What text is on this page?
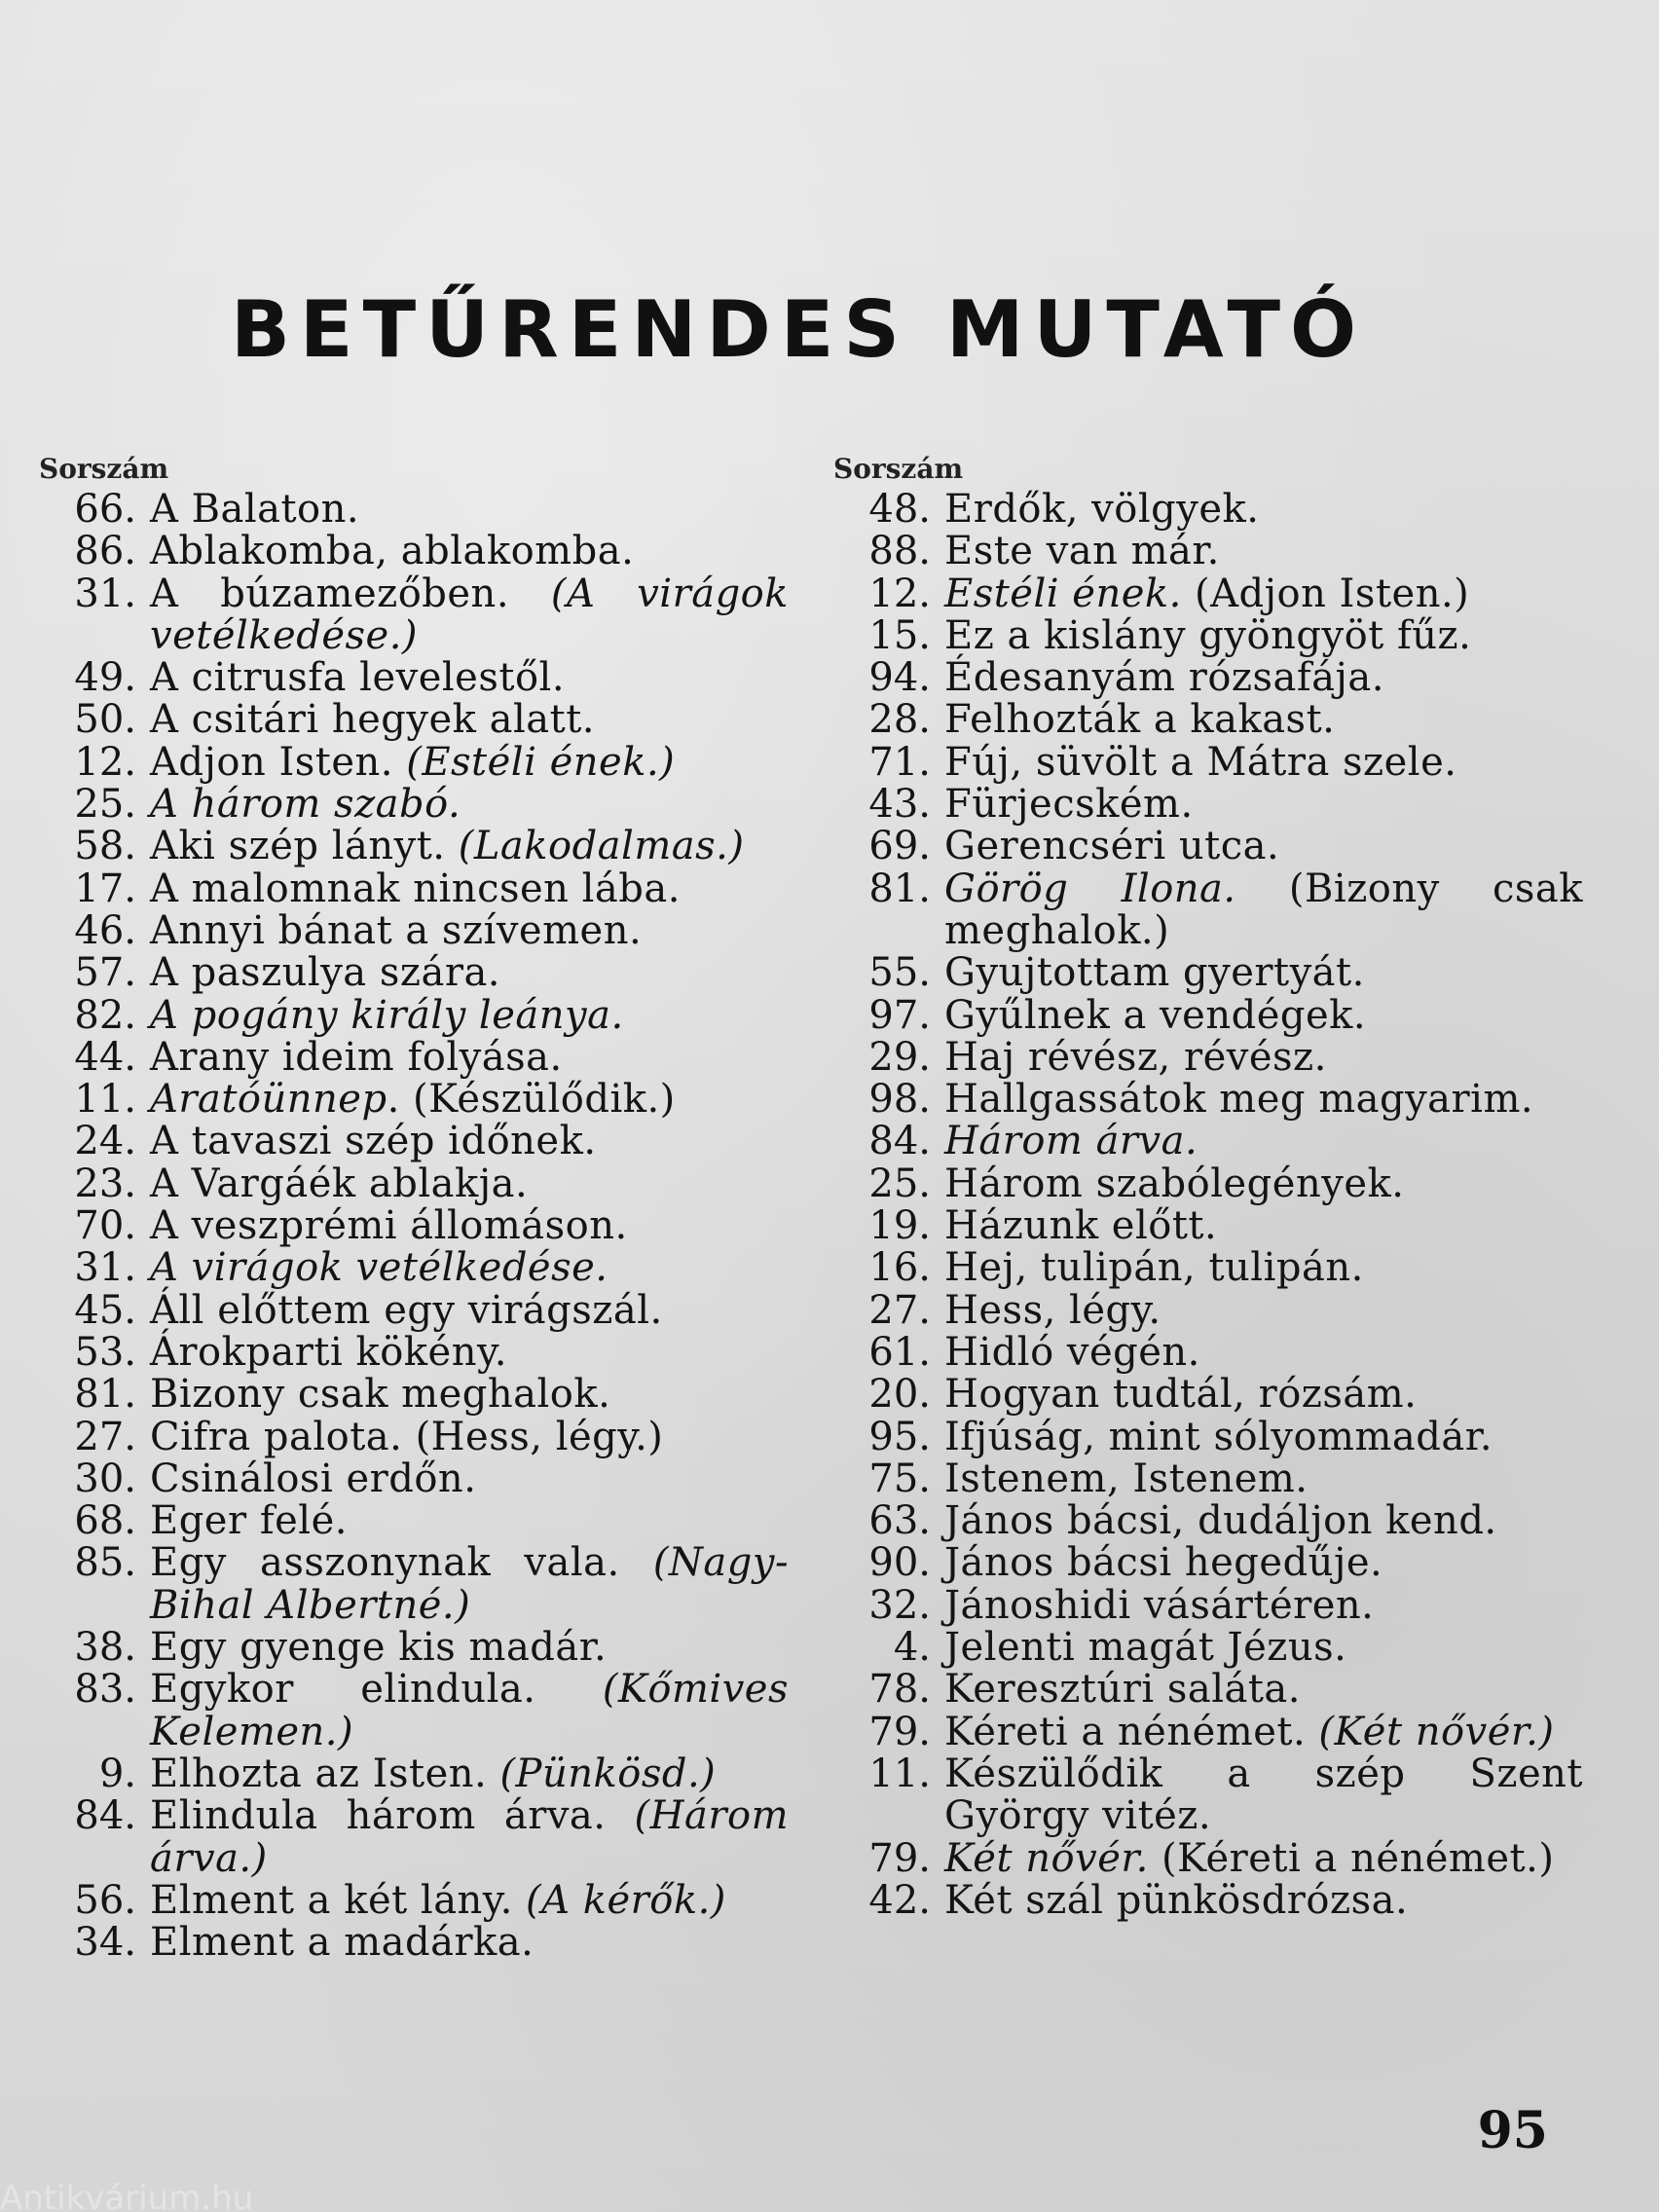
BETŰRENDES MUTATÓ
Sorszám
66. A Balaton.
86. Ablakomba, ablakomba.
31. A búzamezőben. (A virágok vetélkedése.)
49. A citrusfa levelestől.
50. A csitári hegyek alatt.
12. Adjon Isten. (Estéli ének.)
25. A három szabó.
58. Aki szép lányt. (Lakodalmas.)
17. A malomnak nincsen lába.
46. Annyi bánat a szívemen.
57. A paszulya szára.
82. A pogány király leánya.
44. Arany ideim folyása.
11. Aratóünnep. (Készülődik.)
24. A tavaszi szép időnek.
23. A Vargáék ablakja.
70. A veszprémi állomáson.
31. A virágok vetélkedése.
45. Áll előttem egy virágszál.
53. Árokparti kökény.
81. Bizony csak meghalok.
27. Cifra palota. (Hess, légy.)
30. Csinálosi erdőn.
68. Eger felé.
85. Egy asszonynak vala. (Nagy-Bihal Albertné.)
38. Egy gyenge kis madár.
83. Egykor elindula. (Kőmives Kelemen.)
9. Elhozta az Isten. (Pünkösd.)
84. Elindula három árva. (Három árva.)
56. Elment a két lány. (A kérők.)
34. Elment a madárka.
Sorszám
48. Erdők, völgyek.
88. Este van már.
12. Estéli ének. (Adjon Isten.)
15. Ez a kislány gyöngyöt fűz.
94. Édesanyám rózsafája.
28. Felhozták a kakast.
71. Fúj, süvölt a Mátra szele.
43. Fürjecském.
69. Gerencséri utca.
81. Görög Ilona. (Bizony csak meghalok.)
55. Gyujtottam gyertyát.
97. Gyűlnek a vendégek.
29. Haj révész, révész.
98. Hallgassátok meg magyarim.
84. Három árva.
25. Három szabólegények.
19. Házunk előtt.
16. Hej, tulipán, tulipán.
27. Hess, légy.
61. Hidló végén.
20. Hogyan tudtál, rózsám.
95. Ifjúság, mint sólyommadár.
75. Istenem, Istenem.
63. János bácsi, dudáljon kend.
90. János bácsi hegedűje.
32. Jánoshidi vásártéren.
4. Jelenti magát Jézus.
78. Keresztúri saláta.
79. Kéreti a nénémet. (Két nővér.)
11. Készülődik a szép Szent György vitéz.
79. Két nővér. (Kéreti a nénémet.)
42. Két szál pünkösdrózsa.
95
Antikvárium.hu
